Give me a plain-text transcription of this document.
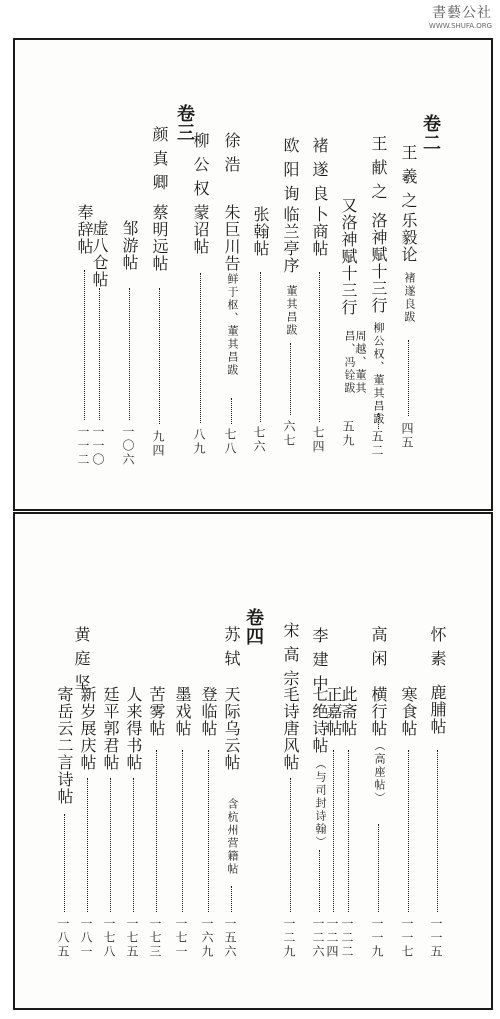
書藝公社
WWW.SHUFA.ORG
卷二
卷三
王羲之
王献之
褚遂良
欧阳询
徐浩
柳公权
颜真卿
乐毅论
褚遂良跋
四五
洛神赋十三行
柳公权、董其昌跋
五二
又洛神赋十三行
周越、董其昌、冯铨跋
五九
临兰亭序
董其昌跋
六七
卜商帖
七四
张翰帖
七六
朱巨川告
鲜于枢、董其昌跋
七八
蒙诏帖
八九
蔡明远帖
九四
邹游帖
一〇六
虚八仓帖
一一〇
奉辞帖
一一二
卷四	怀素
高闲
宋高宗 李建中
苏轼
黄庭坚
鹿脯帖
一一五
寒食帖
一一七
横行帖
（高座帖）
一一九
此斋帖
一二二
正嘉帖
一二四
毛诗唐风帖
一二九
七绝诗帖
（与司封诗翰）
一二六
天际乌云帖
含杭州营籍帖
一五六
登临帖
一六九
墨戏帖
一七一
苦雾帖
一七三
人来得书帖
一七五
廷平郭君帖
一七八
新岁展庆帖
一八一
寄岳云二言诗帖
一八五
